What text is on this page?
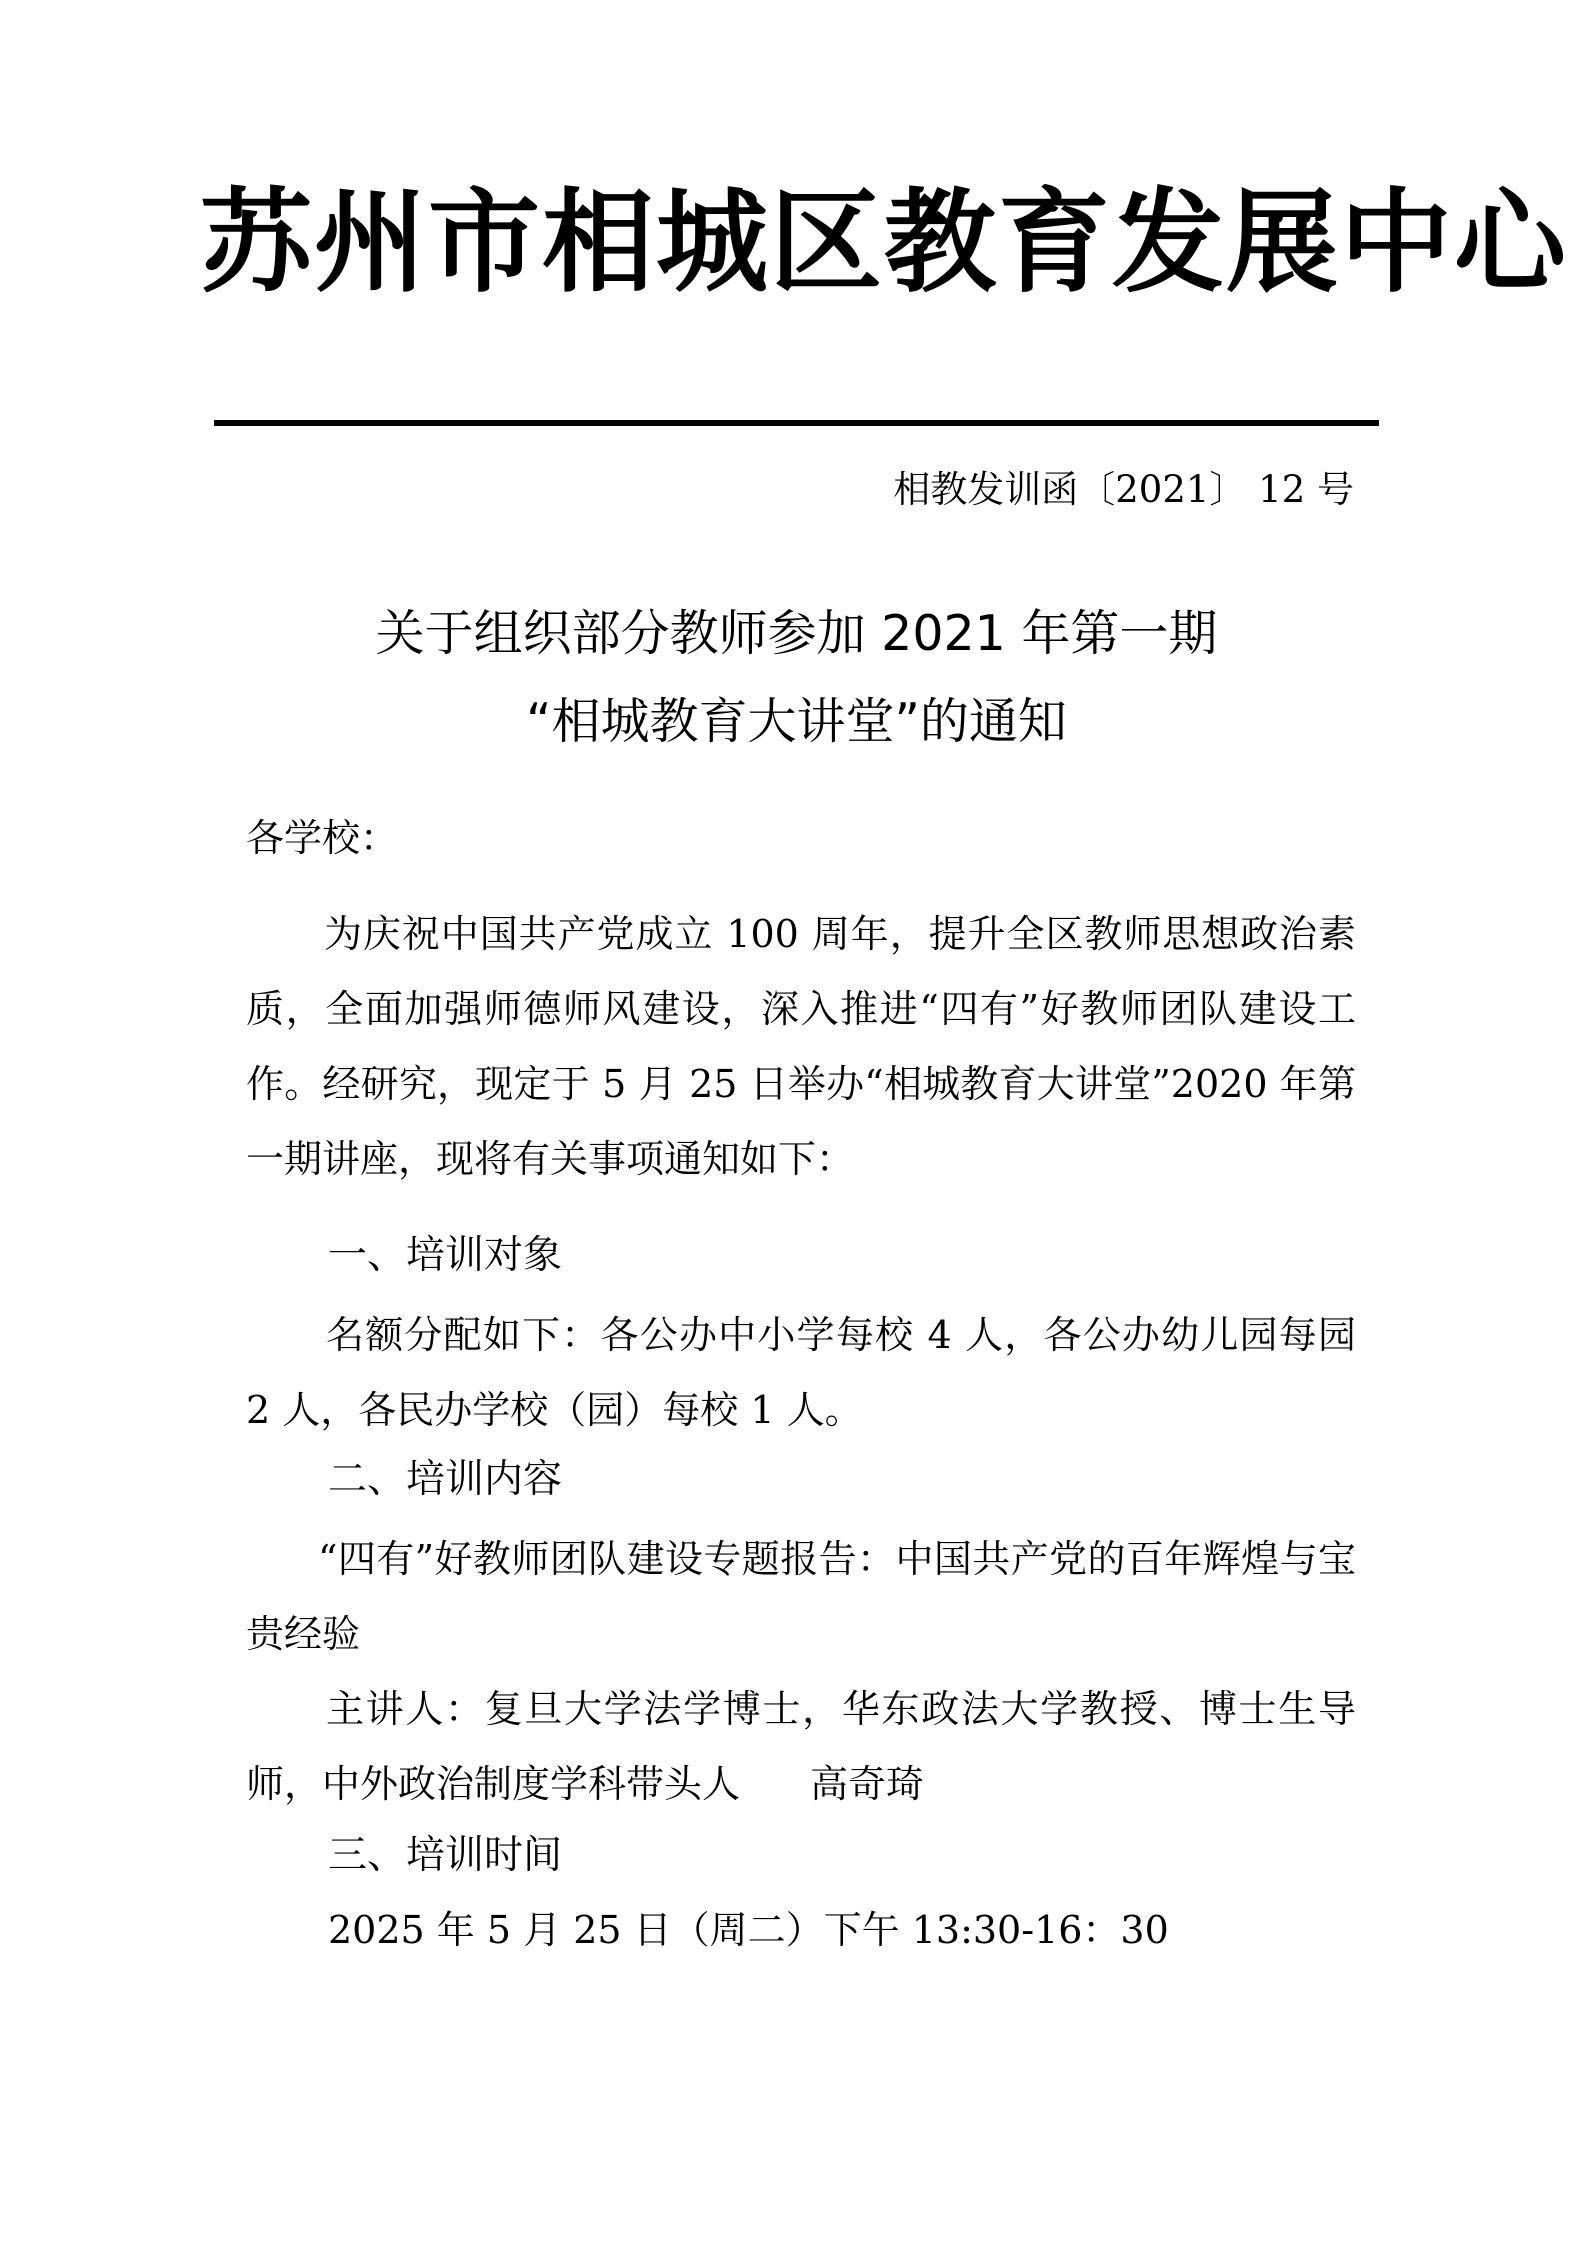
苏州市相城区教育发展中心
相教发训函〔2021〕 12 号
关于组织部分教师参加 2021 年第一期
“相城教育大讲堂”的通知
各学校：
为庆祝中国共产党成立 100 周年，提升全区教师思想政治素质，全面加强师德师风建设，深入推进“四有”好教师团队建设工作。经研究，现定于 5 月 25 日举办“相城教育大讲堂”2020 年第一期讲座，现将有关事项通知如下：
一、培训对象
名额分配如下：各公办中小学每校 4 人，各公办幼儿园每园 2 人，各民办学校（园）每校 1 人。
二、培训内容
“四有”好教师团队建设专题报告：中国共产党的百年辉煌与宝贵经验
主讲人：复旦大学法学博士，华东政法大学教授、博士生导师，中外政治制度学科带头人 高奇琦
三、培训时间
2025 年 5 月 25 日（周二）下午 13:30-16：30
